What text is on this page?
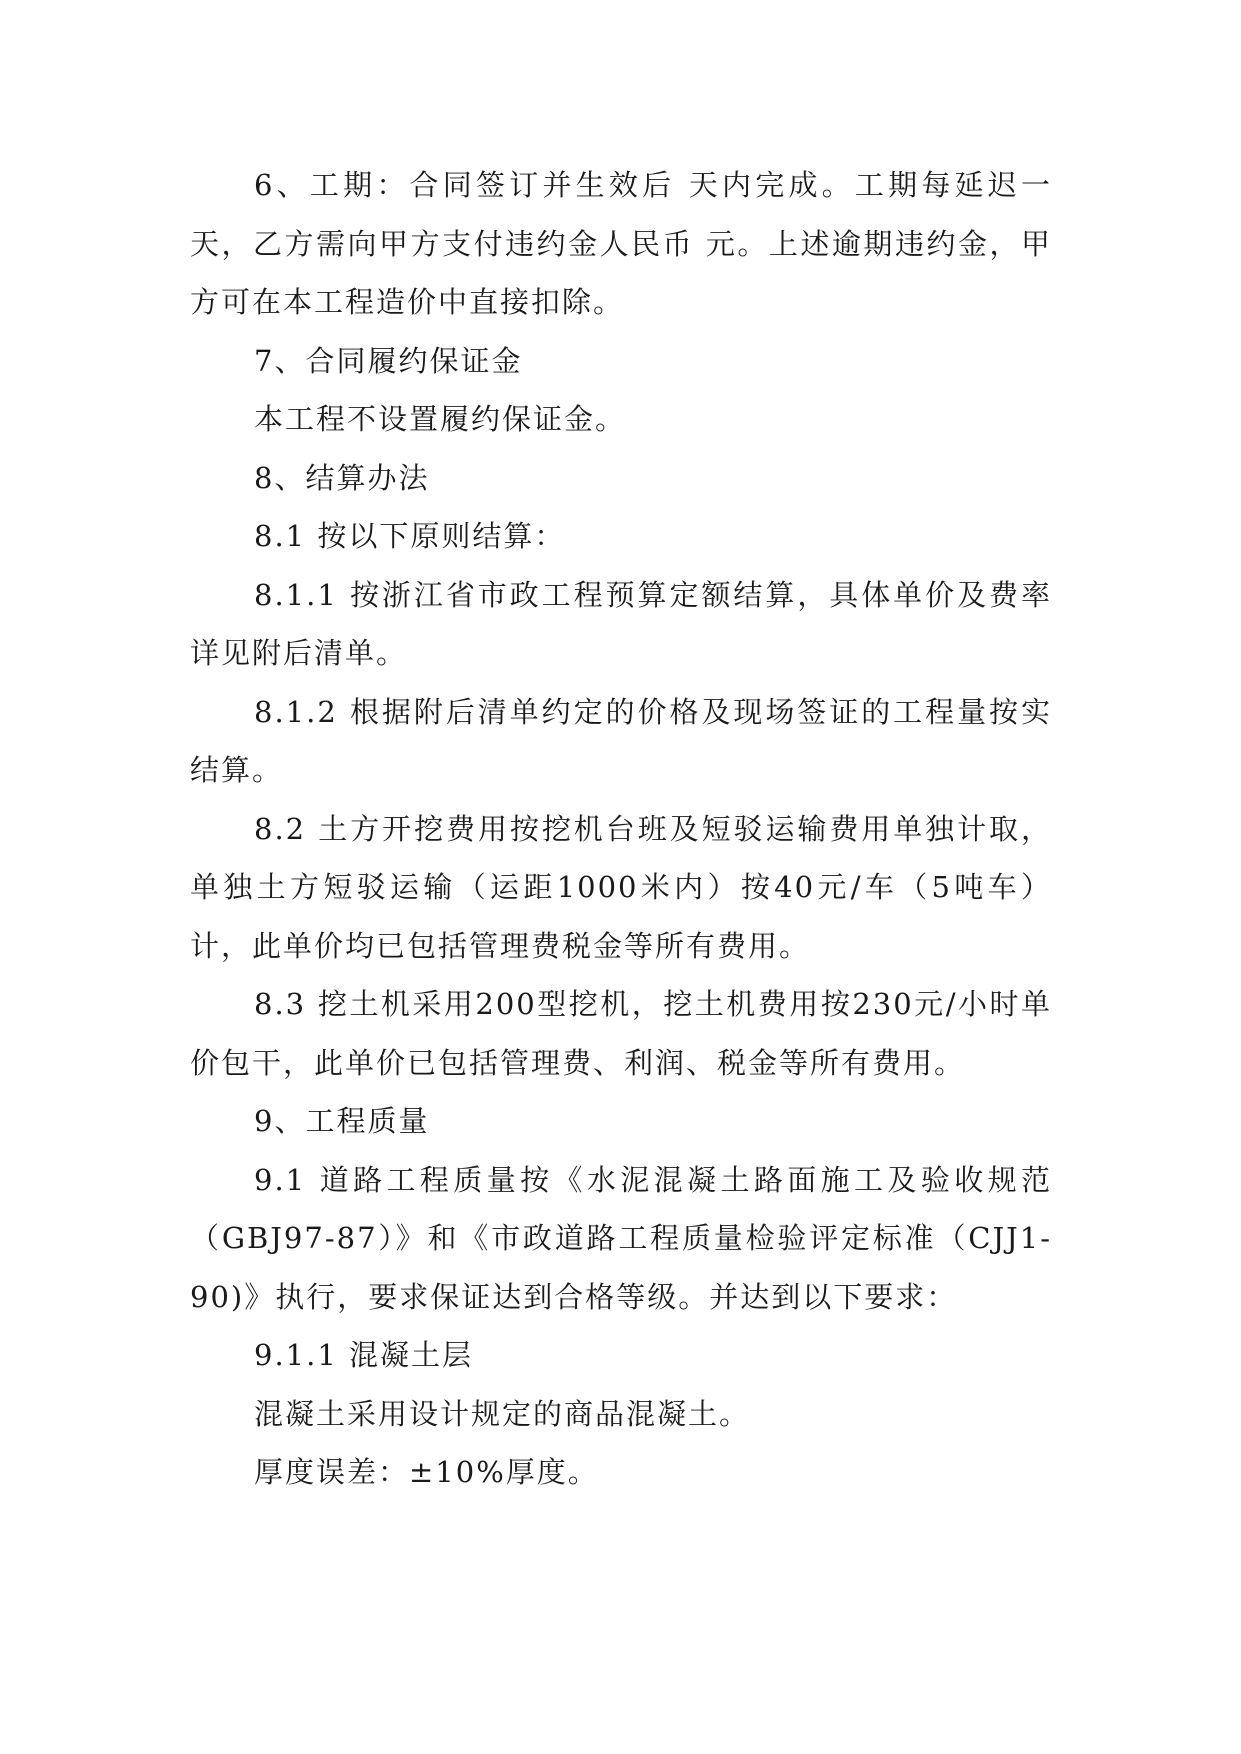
6、工期：合同签订并生效后 天内完成。工期每延迟一天，乙方需向甲方支付违约金人民币 元。上述逾期违约金，甲方可在本工程造价中直接扣除。

7、合同履约保证金

本工程不设置履约保证金。

8、结算办法

8.1 按以下原则结算：

8.1.1 按浙江省市政工程预算定额结算，具体单价及费率详见附后清单。

8.1.2 根据附后清单约定的价格及现场签证的工程量按实结算。

8.2 土方开挖费用按挖机台班及短驳运输费用单独计取，单独土方短驳运输（运距1000米内）按40元/车（5吨车）计，此单价均已包括管理费税金等所有费用。

8.3 挖土机采用200型挖机，挖土机费用按230元/小时单价包干，此单价已包括管理费、利润、税金等所有费用。

9、工程质量

9.1 道路工程质量按《水泥混凝土路面施工及验收规范（GBJ97-87）》和《市政道路工程质量检验评定标准（CJJ1-90)》执行，要求保证达到合格等级。并达到以下要求：

9.1.1 混凝土层

混凝土采用设计规定的商品混凝土。

厚度误差：±10%厚度。
